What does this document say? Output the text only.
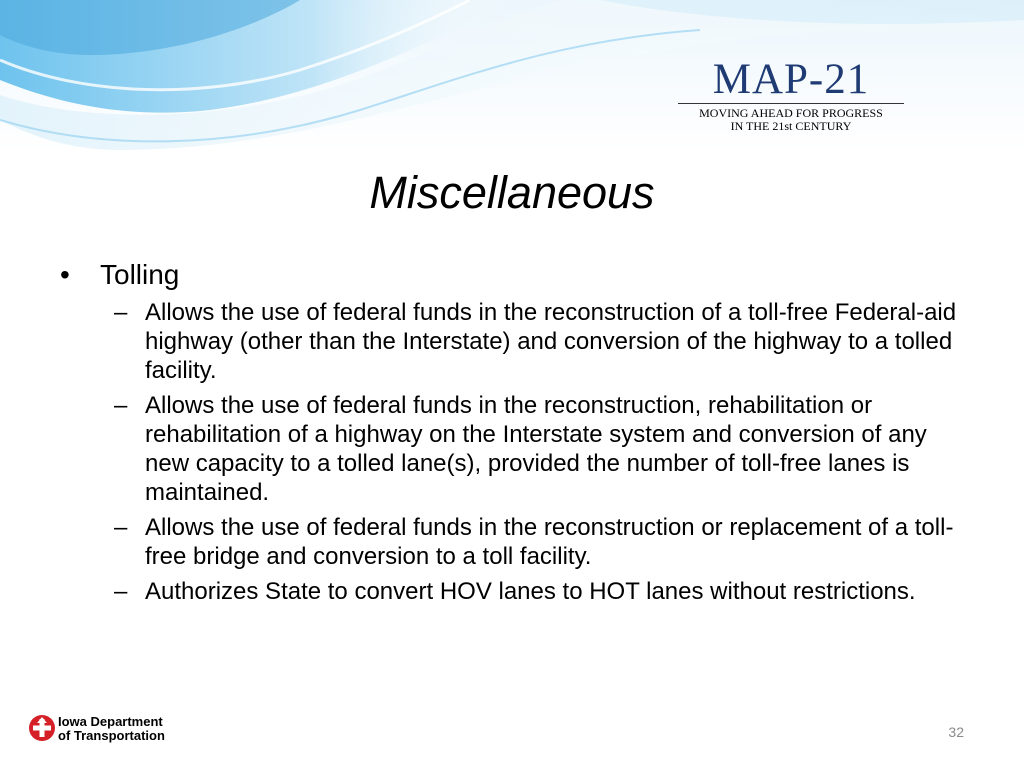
MAP-21
MOVING AHEAD FOR PROGRESS
IN THE 21st CENTURY
Miscellaneous
• Tolling
– Allows the use of federal funds in the reconstruction of a toll-free Federal-aid highway (other than the Interstate) and conversion of the highway to a tolled facility.
– Allows the use of federal funds in the reconstruction, rehabilitation or rehabilitation of a highway on the Interstate system and conversion of any new capacity to a tolled lane(s), provided the number of toll-free lanes is maintained.
– Allows the use of federal funds in the reconstruction or replacement of a toll-free bridge and conversion to a toll facility.
– Authorizes State to convert HOV lanes to HOT lanes without restrictions.
Iowa Department
of Transportation	32
